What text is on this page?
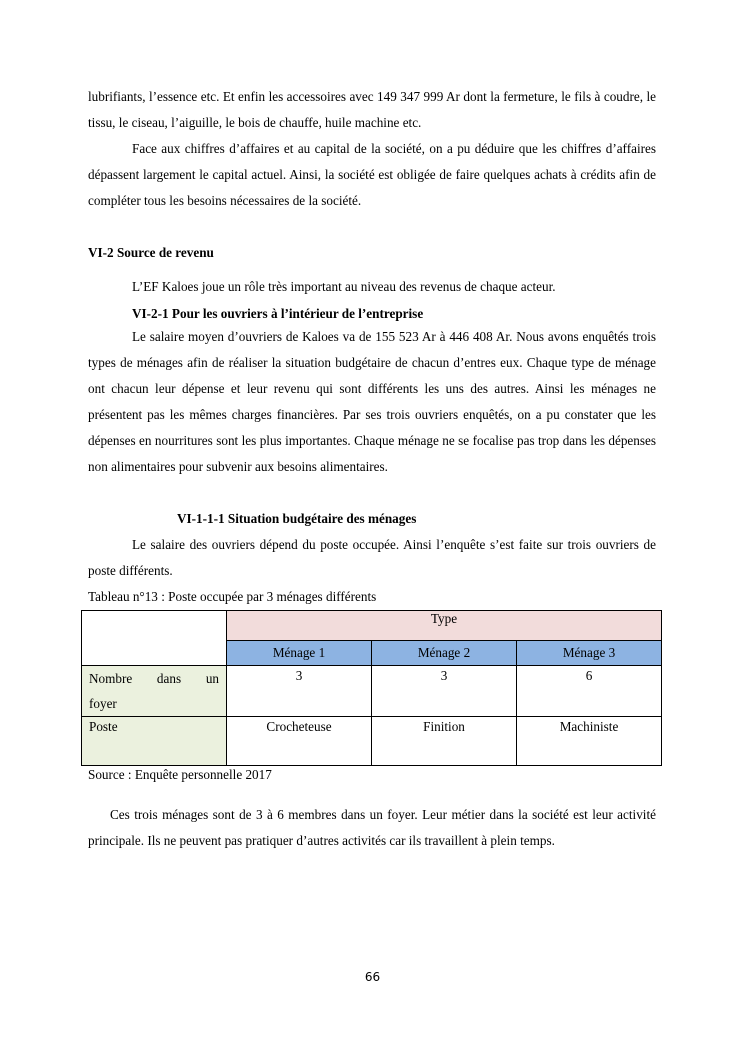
lubrifiants, l’essence etc. Et enfin les accessoires avec 149 347 999 Ar dont la fermeture, le fils à coudre, le tissu, le ciseau, l’aiguille, le bois de chauffe, huile machine etc.

Face aux chiffres d’affaires et au capital de la société, on a pu déduire que les chiffres d’affaires dépassent largement le capital actuel. Ainsi, la société est obligée de faire quelques achats à crédits afin de compléter tous les besoins nécessaires de la société.

VI-2 Source de revenu

L’EF Kaloes joue un rôle très important au niveau des revenus de chaque acteur.

VI-2-1 Pour les ouvriers à l’intérieur de l’entreprise

Le salaire moyen d’ouvriers de Kaloes va de 155 523 Ar à 446 408 Ar. Nous avons enquêtés trois types de ménages afin de réaliser la situation budgétaire de chacun d’entres eux. Chaque type de ménage ont chacun leur dépense et leur revenu qui sont différents les uns des autres. Ainsi les ménages ne présentent pas les mêmes charges financières. Par ses trois ouvriers enquêtés, on a pu constater que les dépenses en nourritures sont les plus importantes. Chaque ménage ne se focalise pas trop dans les dépenses non alimentaires pour subvenir aux besoins alimentaires.

VI-1-1-1 Situation budgétaire des ménages

Le salaire des ouvriers dépend du poste occupée. Ainsi l’enquête s’est faite sur trois ouvriers de poste différents.

Tableau n°13 : Poste occupée par 3 ménages différents

	Type		
	Ménage 1	Ménage 2	Ménage 3

Nombre dans un
foyer	3	3	6
Poste	Crocheteuse	Finition	Machiniste

Source : Enquête personnelle 2017

Ces trois ménages sont de 3 à 6 membres dans un foyer. Leur métier dans la société est leur activité principale. Ils ne peuvent pas pratiquer d’autres activités car ils travaillent à plein temps.

66
